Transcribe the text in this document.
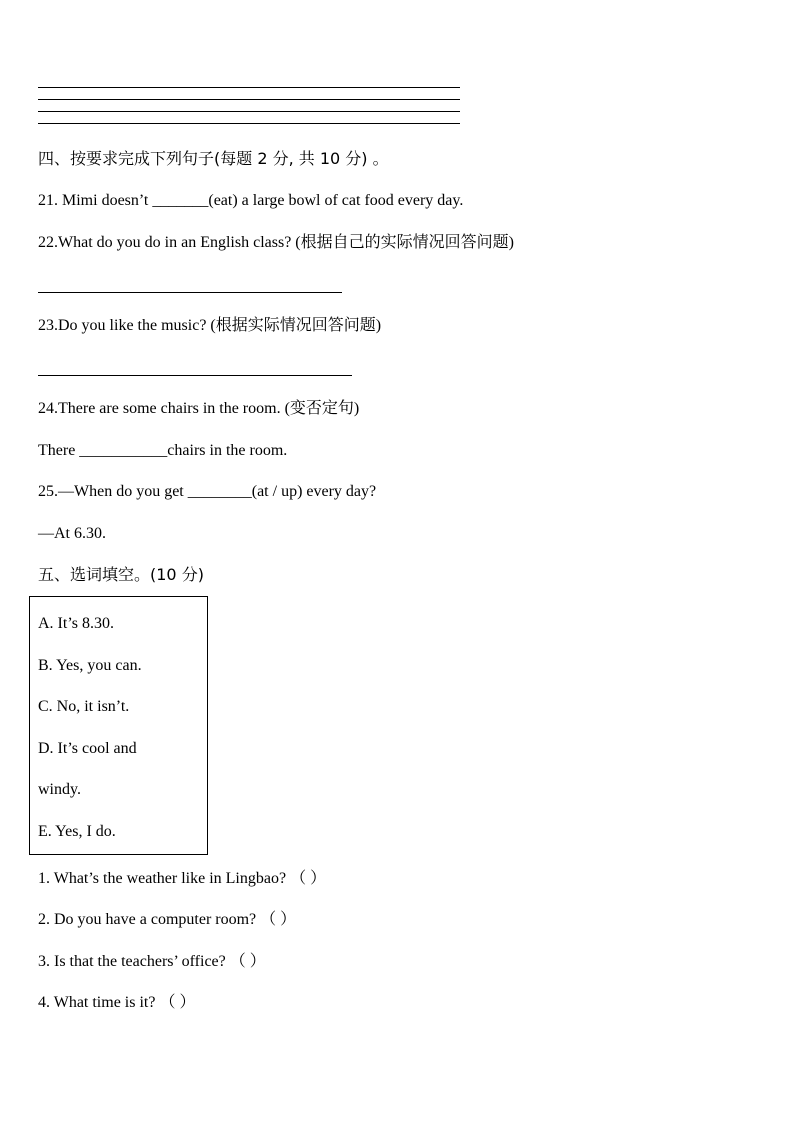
四、按要求完成下列句子(每题 2 分, 共 10 分) 。
21. Mimi doesn’t _______(eat) a large bowl of cat food every day.
22.What do you do in an English class? (根据自己的实际情况回答问题)
23.Do you like the music? (根据实际情况回答问题)
24.There are some chairs in the room. (变否定句)
There ___________chairs in the room.
25.—When do you get ________(at / up) every day?
—At 6.30.
五、选词填空。(10 分)
A. It’s 8.30.
B. Yes, you can.
C. No, it isn’t.
D. It’s cool and
windy.
E. Yes, I do.
1. What’s the weather like in Lingbao? （ ）
2. Do you have a computer room? （ ）
3. Is that the teachers’ office? （ ）
4. What time is it? （ ）
